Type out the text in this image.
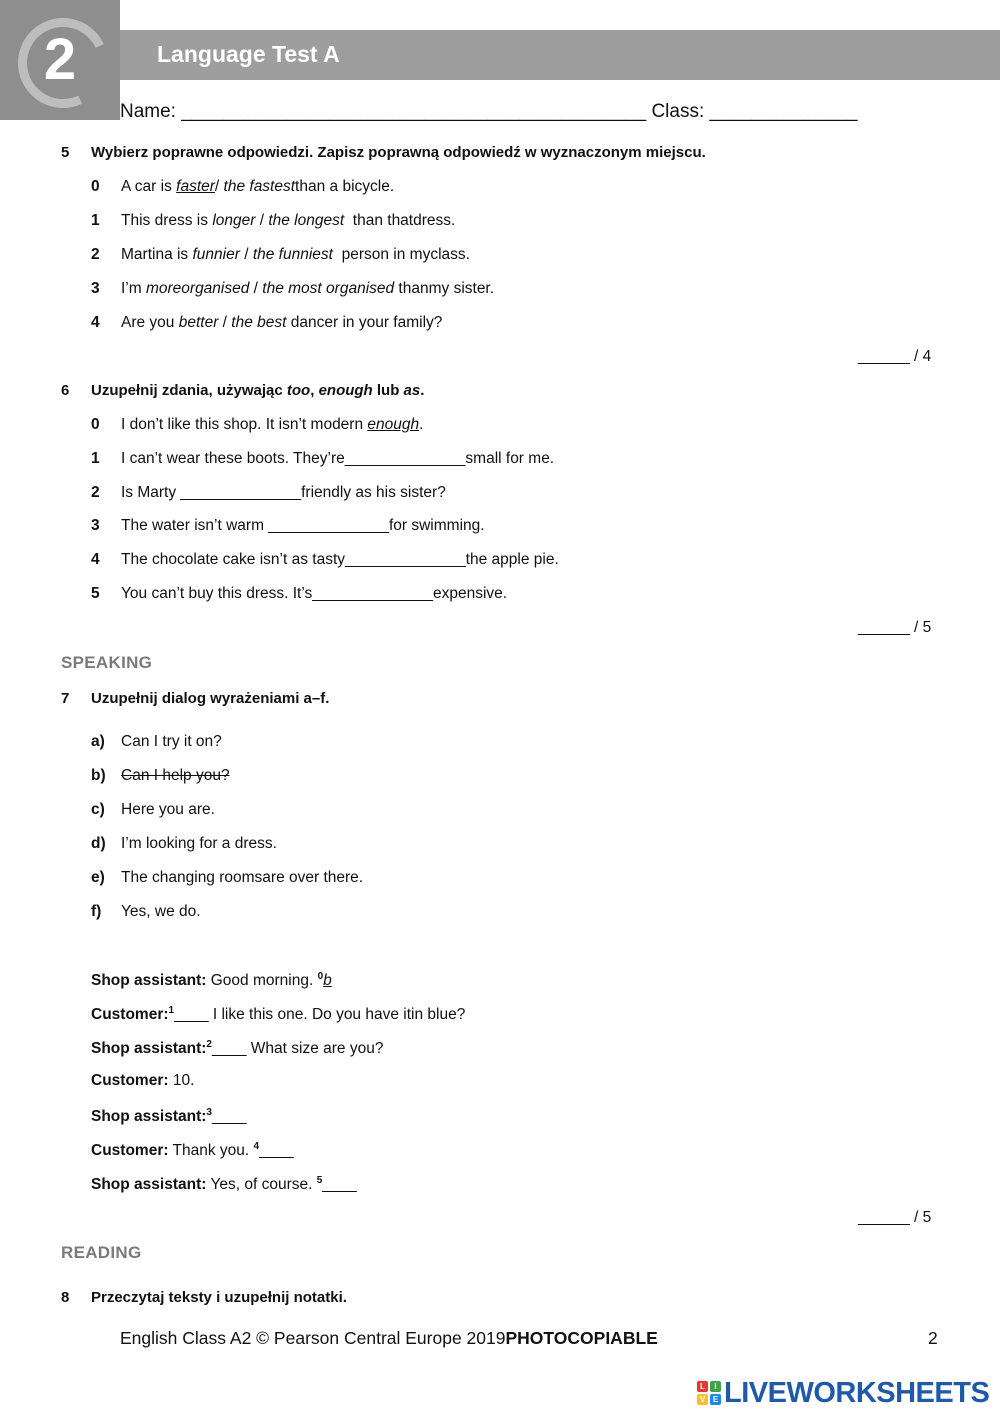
2	Language Test A
Name: ____________________________________________ Class: ______________
5 Wybierz poprawne odpowiedzi. Zapisz poprawną odpowiedź w wyznaczonym miejscu.
0 A car is faster/ the fastestthan a bicycle.
1 This dress is longer / the longest  than thatdress.
2 Martina is funnier / the funniest  person in myclass.
3 I’m moreorganised / the most organised thanmy sister.
4 Are you better / the best dancer in your family?
______ / 4
6 Uzupełnij zdania, używając too, enough lub as.
0 I don’t like this shop. It isn’t modern enough.
1 I can’t wear these boots. They’re______________small for me.
2 Is Marty ______________friendly as his sister?
3 The water isn’t warm ______________for swimming.
4 The chocolate cake isn’t as tasty______________the apple pie.
5 You can’t buy this dress. It’s______________expensive.
______ / 5
SPEAKING
7 Uzupełnij dialog wyrażeniami a–f.
a) Can I try it on?
b) Can I help you?
c) Here you are.
d) I’m looking for a dress.
e) The changing roomsare over there.
f) Yes, we do.
Shop assistant: Good morning. $^0$b
Customer:$^1$____ I like this one. Do you have itin blue?
Shop assistant:$^2$____ What size are you?
Customer: 10.
Shop assistant:$^3$____
Customer: Thank you. $^4$____
Shop assistant: Yes, of course. $^5$____
______ / 5
READING
8 Przeczytaj teksty i uzupełnij notatki.
English Class A2 © Pearson Central Europe 2019PHOTOCOPIABLE	2
L	I
V E LIVEWORKSHEETS
